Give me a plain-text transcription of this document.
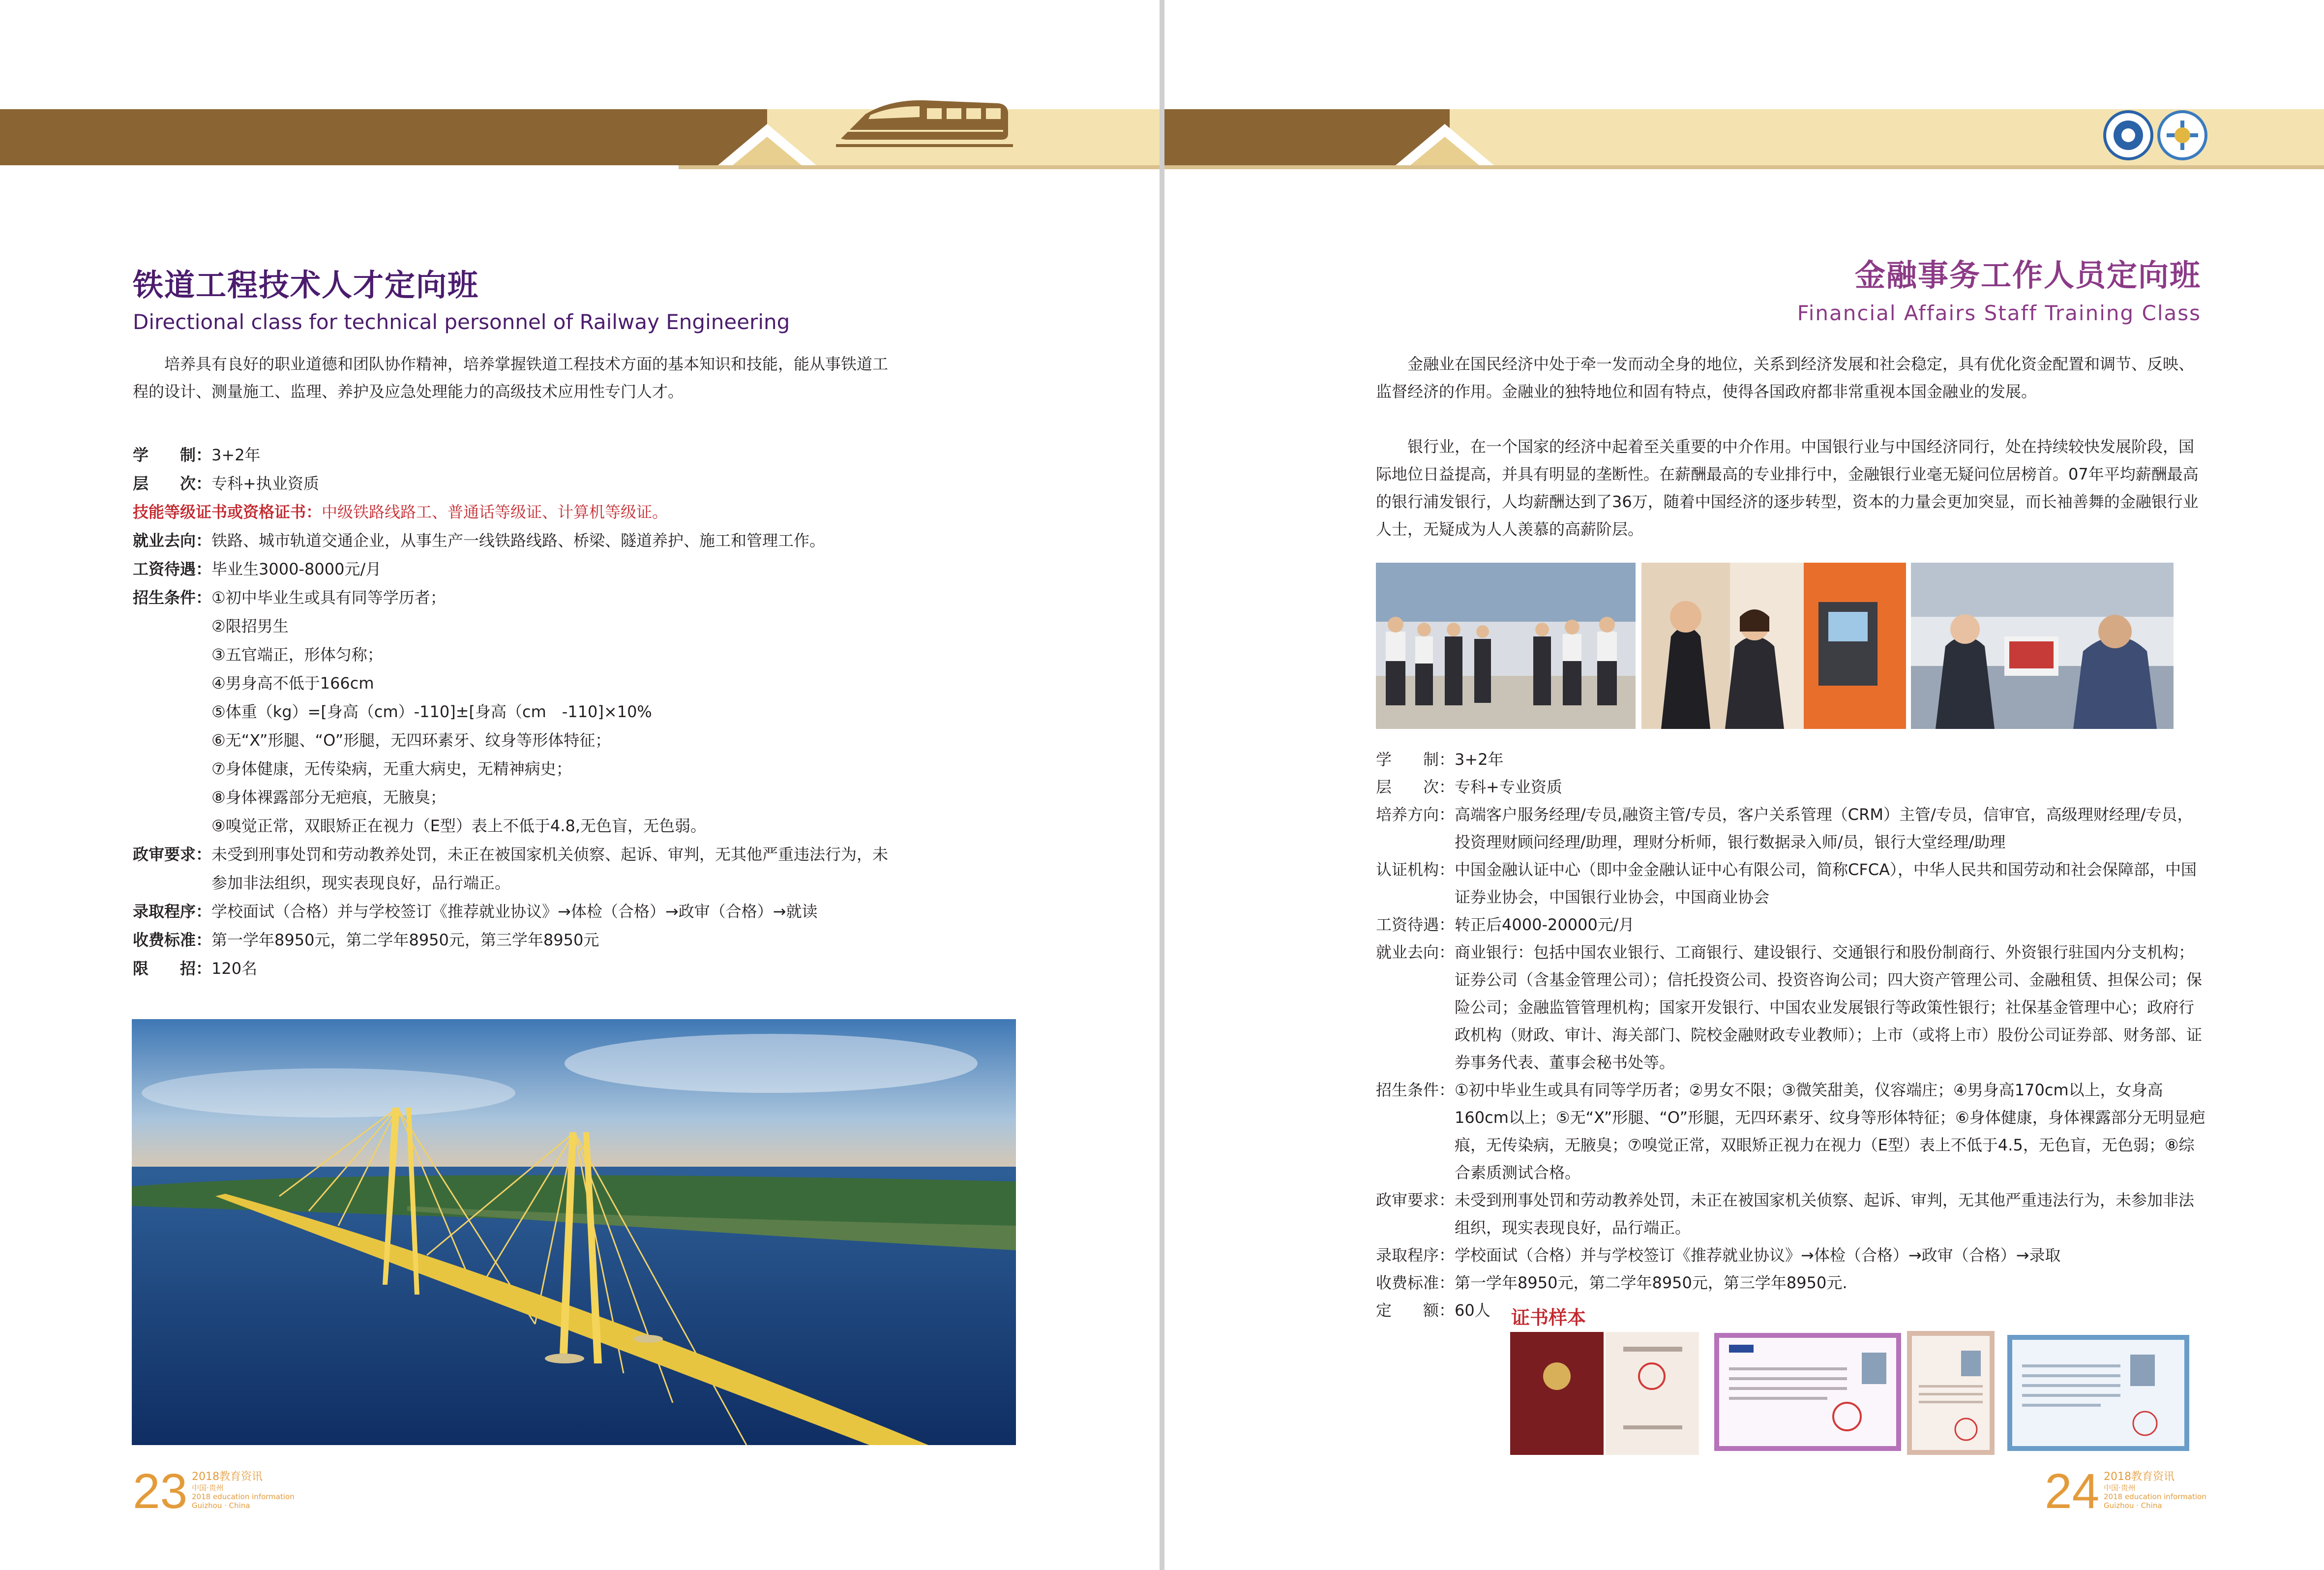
铁道工程技术人才定向班
Directional class for technical personnel of Railway Engineering

培养具有良好的职业道德和团队协作精神，培养掌握铁道工程技术方面的基本知识和技能，能从事铁道工程的设计、测量施工、监理、养护及应急处理能力的高级技术应用性专门人才。

学　　制： 3+2年
层　　次： 专科+执业资质
技能等级证书或资格证书： 中级铁路线路工、普通话等级证、计算机等级证。
就业去向： 铁路、城市轨道交通企业，从事生产一线铁路线路、桥梁、隧道养护、施工和管理工作。
工资待遇： 毕业生3000-8000元/月
招生条件： ①初中毕业生或具有同等学历者；
②限招男生
③五官端正，形体匀称；
④男身高不低于166cm
⑤体重（kg）=[身高（cm）-110]±[身高（cm　-110]×10%
⑥无“X”形腿、“O”形腿，无四环素牙、纹身等形体特征；
⑦身体健康，无传染病，无重大病史，无精神病史；
⑧身体裸露部分无疤痕，无腋臭；
⑨嗅觉正常，双眼矫正在视力（E型）表上不低于4.8,无色盲，无色弱。
政审要求： 未受到刑事处罚和劳动教养处罚，未正在被国家机关侦察、起诉、审判，无其他严重违法行为，未参加非法组织，现实表现良好，品行端正。
录取程序： 学校面试（合格）并与学校签订《推荐就业协议》→体检（合格）→政审（合格）→就读
收费标准： 第一学年8950元，第二学年8950元，第三学年8950元
限　　招： 120名
23 2018教育资讯
中国·贵州
2018 education information
Guizhou · China
金融事务工作人员定向班
Financial Affairs Staff Training Class

金融业在国民经济中处于牵一发而动全身的地位，关系到经济发展和社会稳定，具有优化资金配置和调节、反映、监督经济的作用。金融业的独特地位和固有特点，使得各国政府都非常重视本国金融业的发展。

银行业，在一个国家的经济中起着至关重要的中介作用。中国银行业与中国经济同行，处在持续较快发展阶段，国际地位日益提高，并具有明显的垄断性。在薪酬最高的专业排行中，金融银行业毫无疑问位居榜首。07年平均薪酬最高的银行浦发银行，人均薪酬达到了36万，随着中国经济的逐步转型，资本的力量会更加突显，而长袖善舞的金融银行业人士，无疑成为人人羡慕的高薪阶层。

学　　制： 3+2年
层　　次： 专科+专业资质
培养方向： 高端客户服务经理/专员,融资主管/专员，客户关系管理（CRM）主管/专员，信审官，高级理财经理/专员，投资理财顾问经理/助理，理财分析师，银行数据录入师/员，银行大堂经理/助理
认证机构： 中国金融认证中心（即中金金融认证中心有限公司，简称CFCA），中华人民共和国劳动和社会保障部，中国证券业协会，中国银行业协会，中国商业协会
工资待遇： 转正后4000-20000元/月
就业去向： 商业银行：包括中国农业银行、工商银行、建设银行、交通银行和股份制商行、外资银行驻国内分支机构；证券公司（含基金管理公司）；信托投资公司、投资咨询公司；四大资产管理公司、金融租赁、担保公司；保险公司；金融监管管理机构；国家开发银行、中国农业发展银行等政策性银行；社保基金管理中心；政府行政机构（财政、审计、海关部门、院校金融财政专业教师）；上市（或将上市）股份公司证券部、财务部、证券事务代表、董事会秘书处等。
招生条件： ①初中毕业生或具有同等学历者；②男女不限；③微笑甜美，仪容端庄；④男身高170cm以上，女身高160cm以上；⑤无“X”形腿、“O”形腿，无四环素牙、纹身等形体特征；⑥身体健康，身体裸露部分无明显疤痕，无传染病，无腋臭；⑦嗅觉正常，双眼矫正视力在视力（E型）表上不低于4.5，无色盲，无色弱；⑧综合素质测试合格。
政审要求： 未受到刑事处罚和劳动教养处罚，未正在被国家机关侦察、起诉、审判，无其他严重违法行为，未参加非法组织，现实表现良好，品行端正。
录取程序： 学校面试（合格）并与学校签订《推荐就业协议》→体检（合格）→政审（合格）→录取
收费标准： 第一学年8950元，第二学年8950元，第三学年8950元.
定　　额： 60人	证书样本
24 2018教育资讯
中国·贵州
2018 education information
Guizhou · China
